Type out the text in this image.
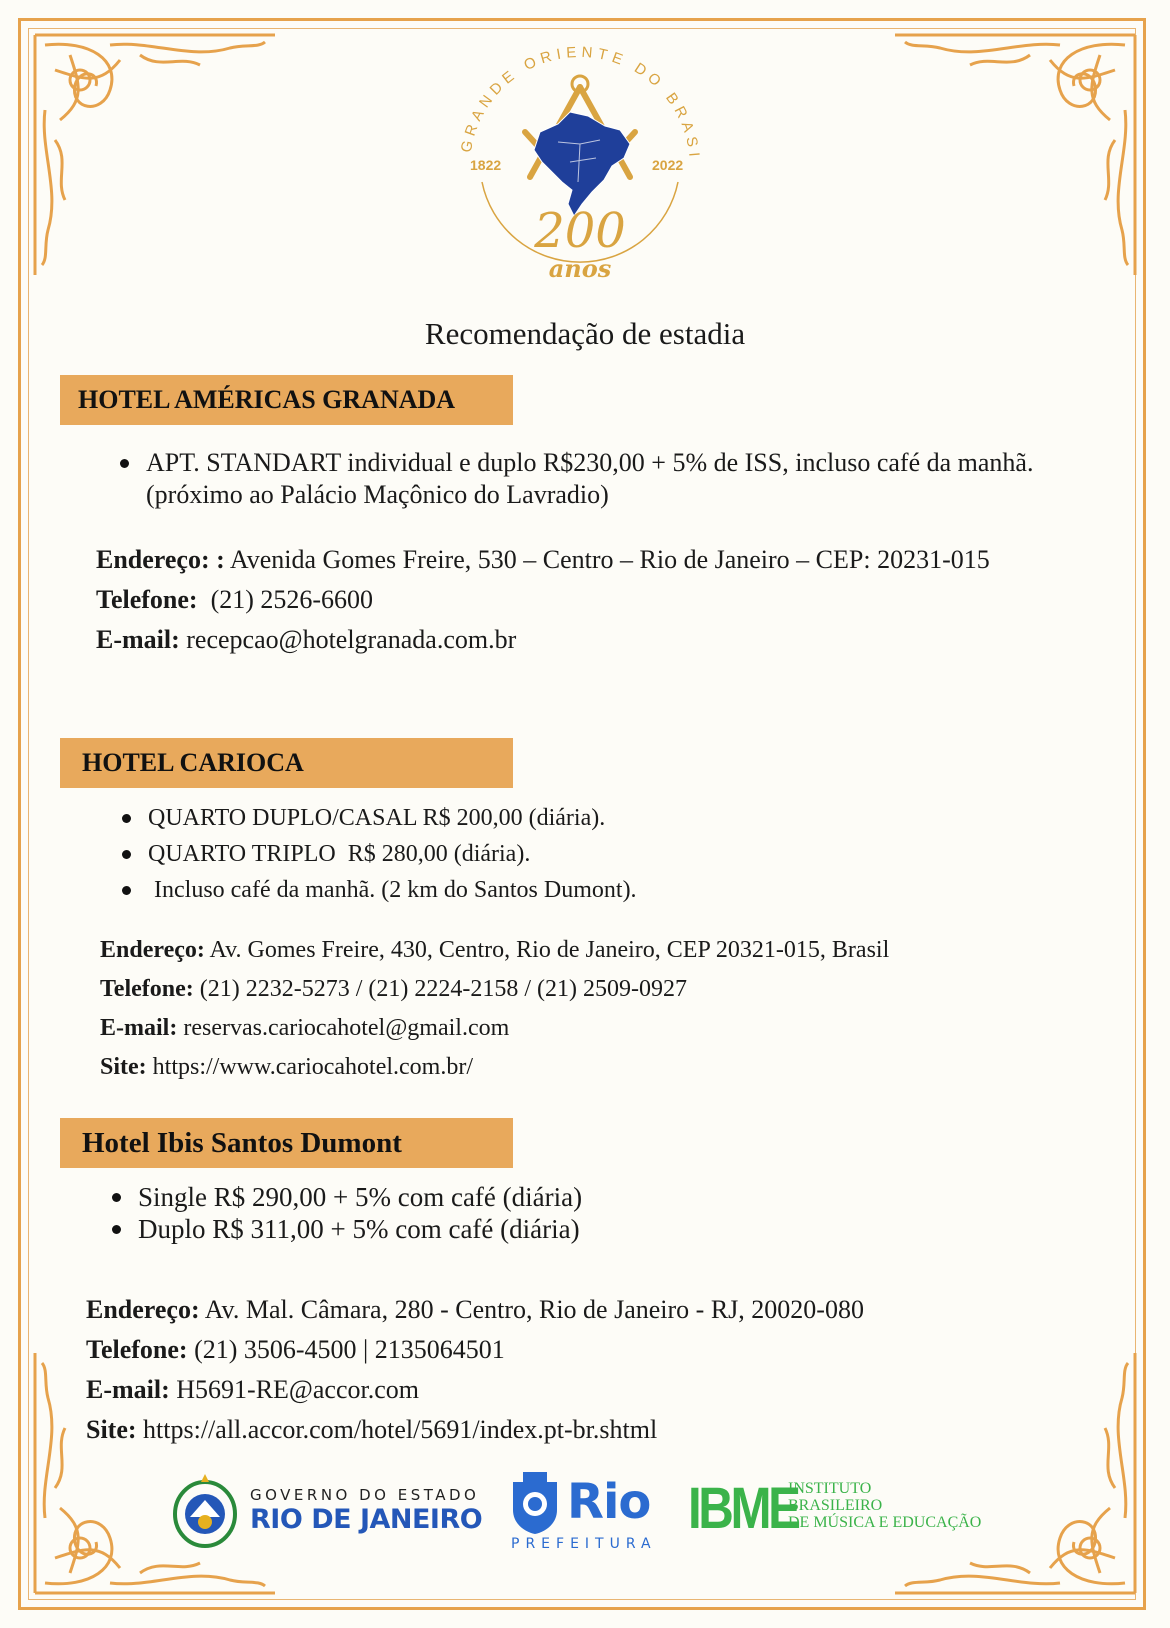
GRANDE ORIENTE DO BRASI
1822	2022
200
anos
Recomendação de estadia
HOTEL AMÉRICAS GRANADA
APT. STANDART individual e duplo R$230,00 + 5% de ISS, incluso café da manhã. (próximo ao Palácio Maçônico do Lavradio)

Endereço: : Avenida Gomes Freire, 530 – Centro – Rio de Janeiro – CEP: 20231-015

Telefone:  (21) 2526-6600

E-mail: recepcao@hotelgranada.com.br

HOTEL CARIOCA
QUARTO DUPLO/CASAL R$ 200,00 (diária).
QUARTO TRIPLO  R$ 280,00 (diária).
Incluso café da manhã. (2 km do Santos Dumont).

Endereço: Av. Gomes Freire, 430, Centro, Rio de Janeiro, CEP 20321-015, Brasil

Telefone: (21) 2232-5273 / (21) 2224-2158 / (21) 2509-0927

E-mail: reservas.cariocahotel@gmail.com

Site: https://www.cariocahotel.com.br/

Hotel Ibis Santos Dumont
Single R$ 290,00 + 5% com café (diária)
Duplo R$ 311,00 + 5% com café (diária)

Endereço: Av. Mal. Câmara, 280 - Centro, Rio de Janeiro - RJ, 20020-080

Telefone: (21) 3506-4500 | 2135064501

E-mail: H5691-RE@accor.com

Site: https://all.accor.com/hotel/5691/index.pt-br.shtml

GOVERNO DO ESTADO
RIO DE JANEIRO Rio
PREFEITURA
IBME
INSTITUTO
BRASILEIRO
DE MÚSICA E EDUCAÇÃO
